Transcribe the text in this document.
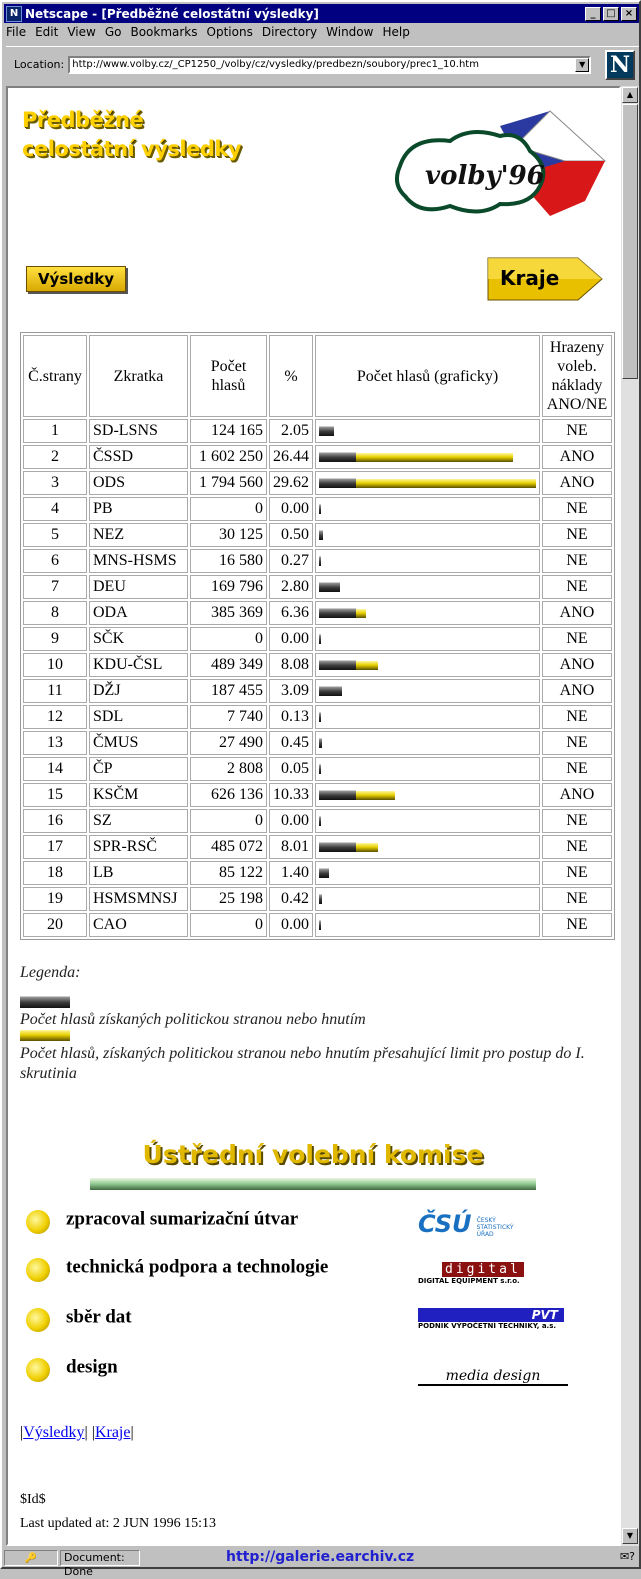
N Netscape - [Předběžné celostátní výsledky]	_	□ ×
File Edit View Go Bookmarks Options Directory Window Help
Location: http://www.volby.cz/_CP1250_/volby/cz/vysledky/predbezn/soubory/prec1_10.htm	▼ N
Předběžné
celostátní výsledky
volby'96
Výsledky	Kraje
Č.strany	Zkratka	Počet hlasů	%	Počet hlasů (graficky)	Hrazeny voleb. náklady ANO/NE
1	SD-LSNS	124 165	2.05		NE
2	ČSSD	1 602 250	26.44		ANO
3	ODS	1 794 560	29.62		ANO
4	PB	0	0.00		NE
5	NEZ	30 125	0.50		NE
6	MNS-HSMS	16 580	0.27		NE
7	DEU	169 796	2.80		NE
8	ODA	385 369	6.36		ANO
9	SČK	0	0.00		NE
10	KDU-ČSL	489 349	8.08		ANO
11	DŽJ	187 455	3.09		ANO
12	SDL	7 740	0.13		NE
13	ČMUS	27 490	0.45		NE
14	ČP	2 808	0.05		NE
15	KSČM	626 136	10.33		ANO
16	SZ	0	0.00		NE
17	SPR-RSČ	485 072	8.01		NE
18	LB	85 122	1.40		NE
19	HSMSMNSJ	25 198	0.42		NE
20	CAO	0	0.00		NE
Legenda:
Počet hlasů získaných politickou stranou nebo hnutím
Počet hlasů, získaných politickou stranou nebo hnutím přesahující limit pro postup do I. skrutinia
Ústřední volební komise
zpracoval sumarizační útvar	ČSÚ ČESKÝ STATISTICKÝ ÚŘAD
technická podpora a technologie	digital
DIGITAL EQUIPMENT s.r.o.
sběr dat	PVT
PODNIK VÝPOČETNÍ TECHNIKY, a.s.
design	media design
|Výsledky| |Kraje|
$Id$
Last updated at: 2 JUN 1996 15:13
▲
▼
🔑	Document: Done
http://galerie.earchiv.cz	✉?
